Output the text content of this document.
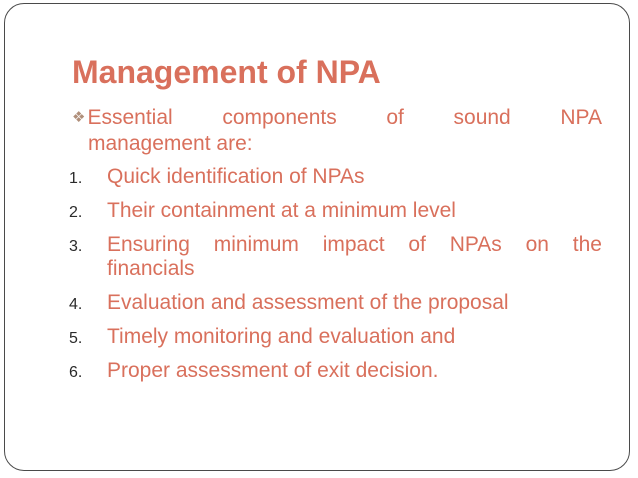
Management of NPA
❖ Essential components of sound NPA
management are:
1. Quick identification of NPAs
2. Their containment at a minimum level
3. Ensuring minimum impact of NPAs on the
financials
4. Evaluation and assessment of the proposal
5. Timely monitoring and evaluation and
6. Proper assessment of exit decision.
